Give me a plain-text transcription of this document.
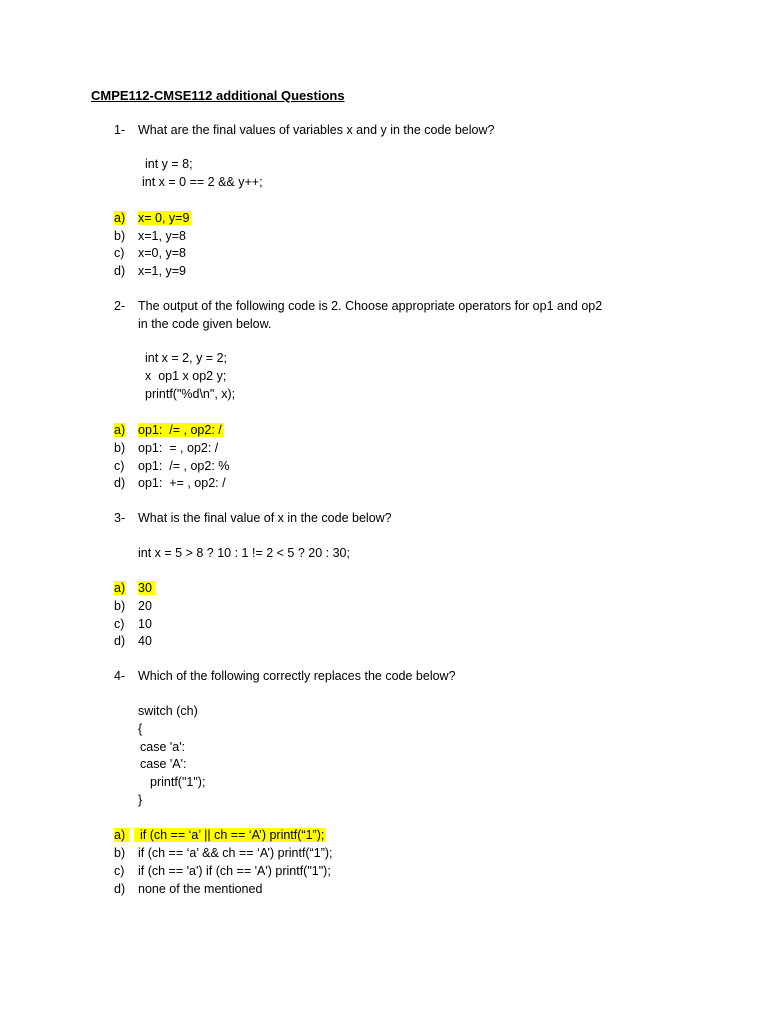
CMPE112-CMSE112 additional Questions
1- What are the final values of variables x and y in the code below?
int y = 8;
int x = 0 == 2 && y++;
a) x= 0, y=9
b) x=1, y=8
c) x=0, y=8
d) x=1, y=9
2- The output of the following code is 2. Choose appropriate operators for op1 and op2
in the code given below.
int x = 2, y = 2;
x  op1 x op2 y;
printf("%d\n", x);
a) op1:  /= , op2: /
b) op1:  = , op2: /
c) op1:  /= , op2: %
d) op1:  += , op2: /
3- What is the final value of x in the code below?
int x = 5 > 8 ? 10 : 1 != 2 < 5 ? 20 : 30;
a) 30
b) 20
c) 10
d) 40
4- Which of the following correctly replaces the code below?
switch (ch)
{
case 'a':
case 'A':
printf("1");
}
a)	if (ch == ‘a’ || ch == ‘A’) printf(“1”);
b) if (ch == ‘a’ && ch == ‘A’) printf(“1”);
c) if (ch == 'a') if (ch == 'A') printf("1");
d) none of the mentioned
